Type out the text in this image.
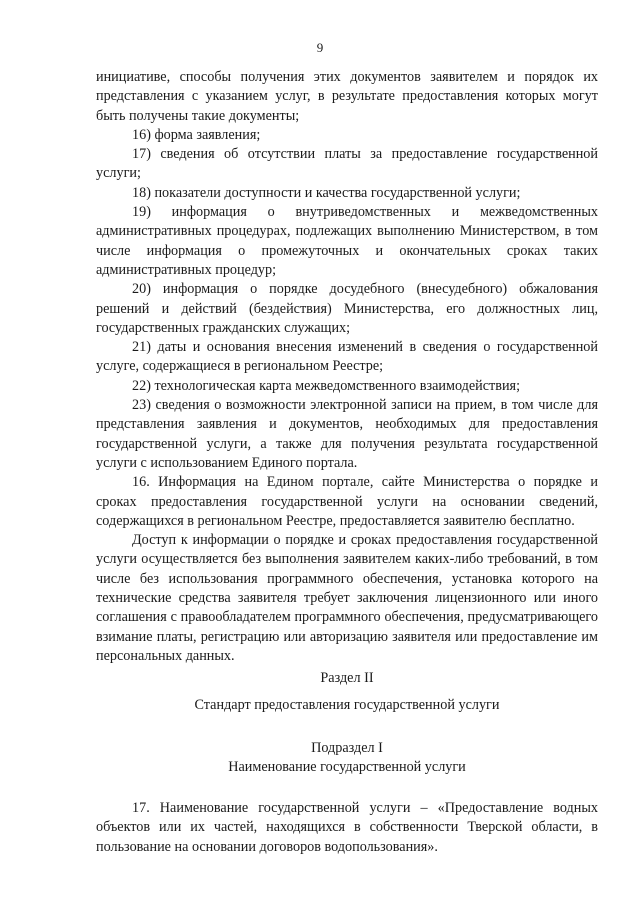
9

инициативе, способы получения этих документов заявителем и порядок их представления с указанием услуг, в результате предоставления которых могут быть получены такие документы;

16) форма заявления;

17) сведения об отсутствии платы за предоставление государственной услуги;

18) показатели доступности и качества государственной услуги;

19) информация о внутриведомственных и межведомственных административных процедурах, подлежащих выполнению Министерством, в том числе информация о промежуточных и окончательных сроках таких административных процедур;

20) информация о порядке досудебного (внесудебного) обжалования решений и действий (бездействия) Министерства, его должностных лиц, государственных гражданских служащих;

21) даты и основания внесения изменений в сведения о государственной услуге, содержащиеся в региональном Реестре;

22) технологическая карта межведомственного взаимодействия;

23) сведения о возможности электронной записи на прием, в том числе для представления заявления и документов, необходимых для предоставления государственной услуги, а также для получения результата государственной услуги с использованием Единого портала.

16. Информация на Едином портале, сайте Министерства о порядке и сроках предоставления государственной услуги на основании сведений, содержащихся в региональном Реестре, предоставляется заявителю бесплатно.

Доступ к информации о порядке и сроках предоставления государственной услуги осуществляется без выполнения заявителем каких-либо требований, в том числе без использования программного обеспечения, установка которого на технические средства заявителя требует заключения лицензионного или иного соглашения с правообладателем программного обеспечения, предусматривающего взимание платы, регистрацию или авторизацию заявителя или предоставление им персональных данных.

Раздел II
Стандарт предоставления государственной услуги
Подраздел I
Наименование государственной услуги

17. Наименование государственной услуги – «Предоставление водных объектов или их частей, находящихся в собственности Тверской области, в пользование на основании договоров водопользования».
